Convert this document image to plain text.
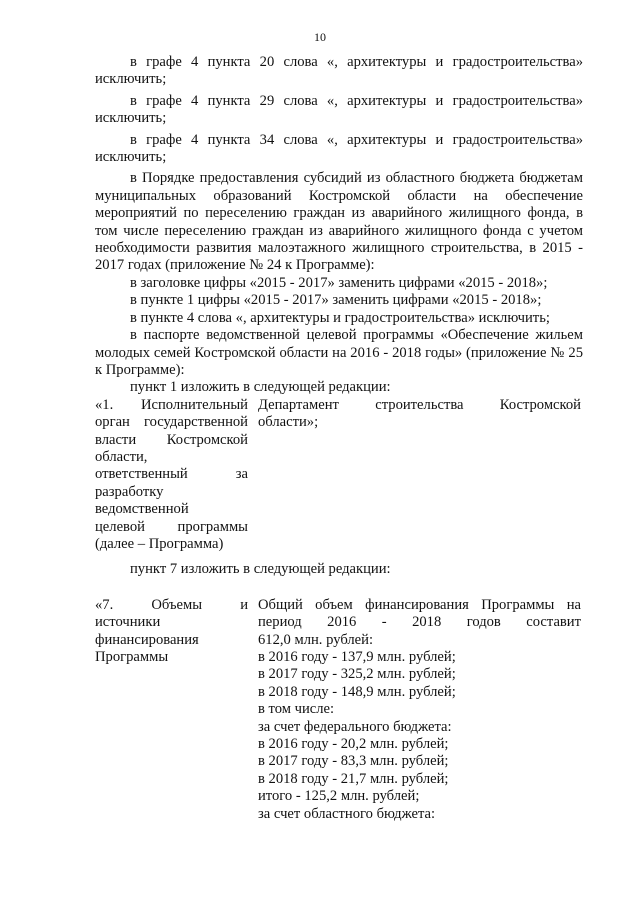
10

в графе 4 пункта 20 слова «, архитектуры и градостроительства» исключить;

в графе 4 пункта 29 слова «, архитектуры и градостроительства» исключить;

в графе 4 пункта 34 слова «, архитектуры и градостроительства» исключить;

в Порядке предоставления субсидий из областного бюджета бюджетам муниципальных образований Костромской области на обеспечение мероприятий по переселению граждан из аварийного жилищного фонда, в том числе переселению граждан из аварийного жилищного фонда с учетом необходимости развития малоэтажного жилищного строительства, в 2015 - 2017 годах (приложение № 24 к Программе):

в заголовке цифры «2015 - 2017» заменить цифрами «2015 - 2018»;

в пункте 1 цифры «2015 - 2017» заменить цифрами «2015 - 2018»;

в пункте 4 слова «, архитектуры и градостроительства» исключить;

в паспорте ведомственной целевой программы «Обеспечение жильем молодых семей Костромской области на 2016 - 2018 годы» (приложение № 25 к Программе):

пункт 1 изложить в следующей редакции:

«1. Исполнительный
орган государственной
власти Костромской
области,
ответственный за
разработку
ведомственной
целевой программы
(далее – Программа)
Департамент строительства Костромской
области»;

пункт 7 изложить в следующей редакции:

«7. Объемы и
источники
финансирования
Программы
Общий объем финансирования Программы на
период 2016 - 2018 годов составит
612,0 млн. рублей:
в 2016 году - 137,9 млн. рублей;
в 2017 году - 325,2 млн. рублей;
в 2018 году - 148,9 млн. рублей;
в том числе:
за счет федерального бюджета:
в 2016 году - 20,2 млн. рублей;
в 2017 году - 83,3 млн. рублей;
в 2018 году - 21,7 млн. рублей;
итого - 125,2 млн. рублей;
за счет областного бюджета:
